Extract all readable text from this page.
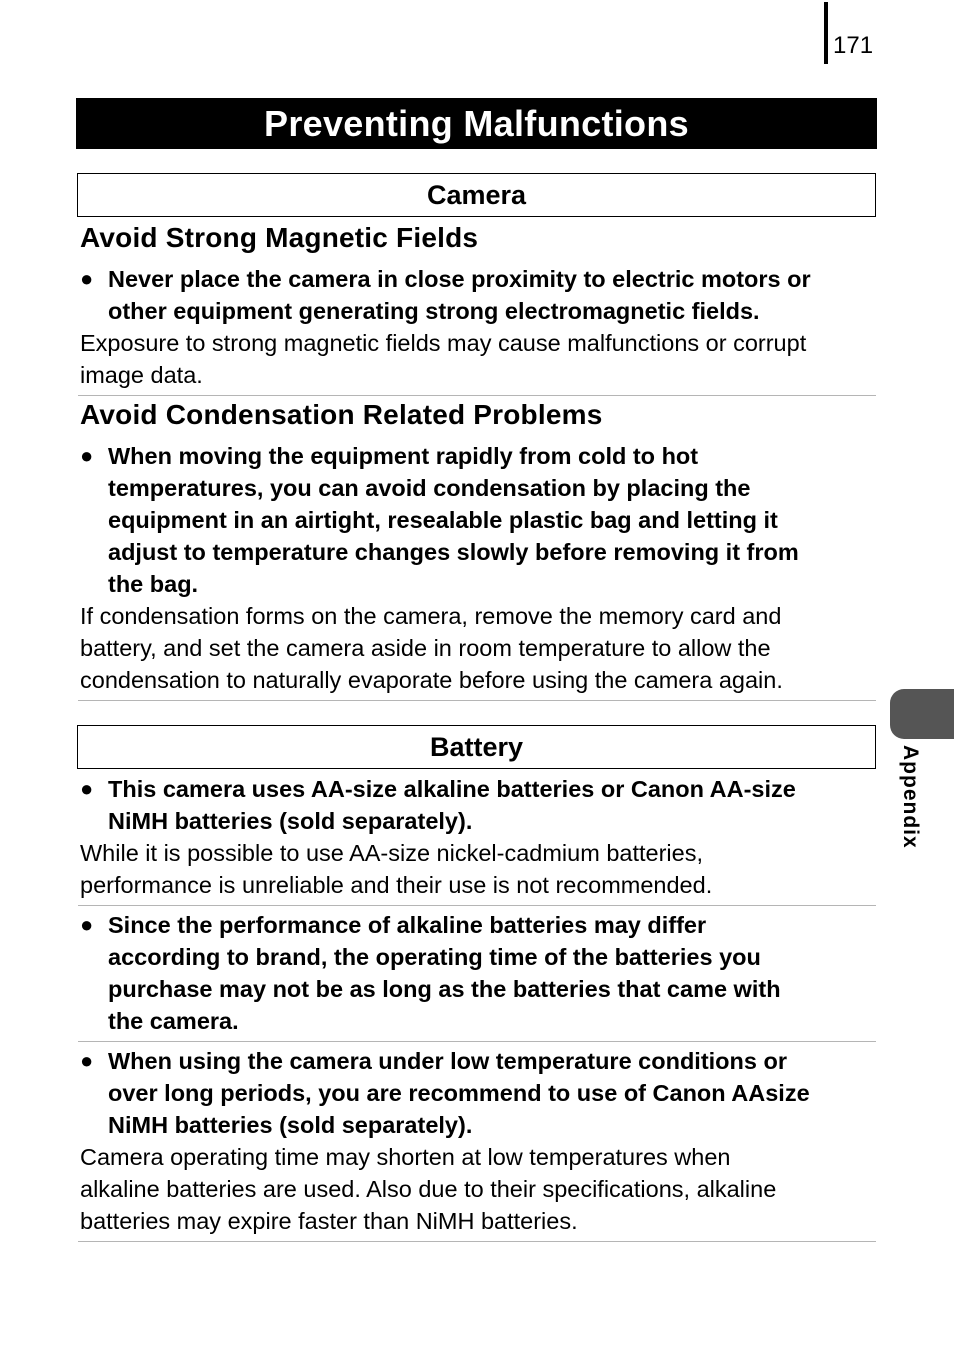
171
Preventing Malfunctions
Camera
Avoid Strong Magnetic Fields
● Never place the camera in close proximity to electric motors or
other equipment generating strong electromagnetic fields.
Exposure to strong magnetic fields may cause malfunctions or corrupt
image data.
Avoid Condensation Related Problems
● When moving the equipment rapidly from cold to hot
temperatures, you can avoid condensation by placing the
equipment in an airtight, resealable plastic bag and letting it
adjust to temperature changes slowly before removing it from
the bag.
If condensation forms on the camera, remove the memory card and
battery, and set the camera aside in room temperature to allow the
condensation to naturally evaporate before using the camera again.
Battery
● This camera uses AA-size alkaline batteries or Canon AA-size
NiMH batteries (sold separately).
While it is possible to use AA-size nickel-cadmium batteries,
performance is unreliable and their use is not recommended.
● Since the performance of alkaline batteries may differ
according to brand, the operating time of the batteries you
purchase may not be as long as the batteries that came with
the camera.
● When using the camera under low temperature conditions or
over long periods, you are recommend to use of Canon AAsize
NiMH batteries (sold separately).
Camera operating time may shorten at low temperatures when
alkaline batteries are used. Also due to their specifications, alkaline
batteries may expire faster than NiMH batteries.
Appendix
